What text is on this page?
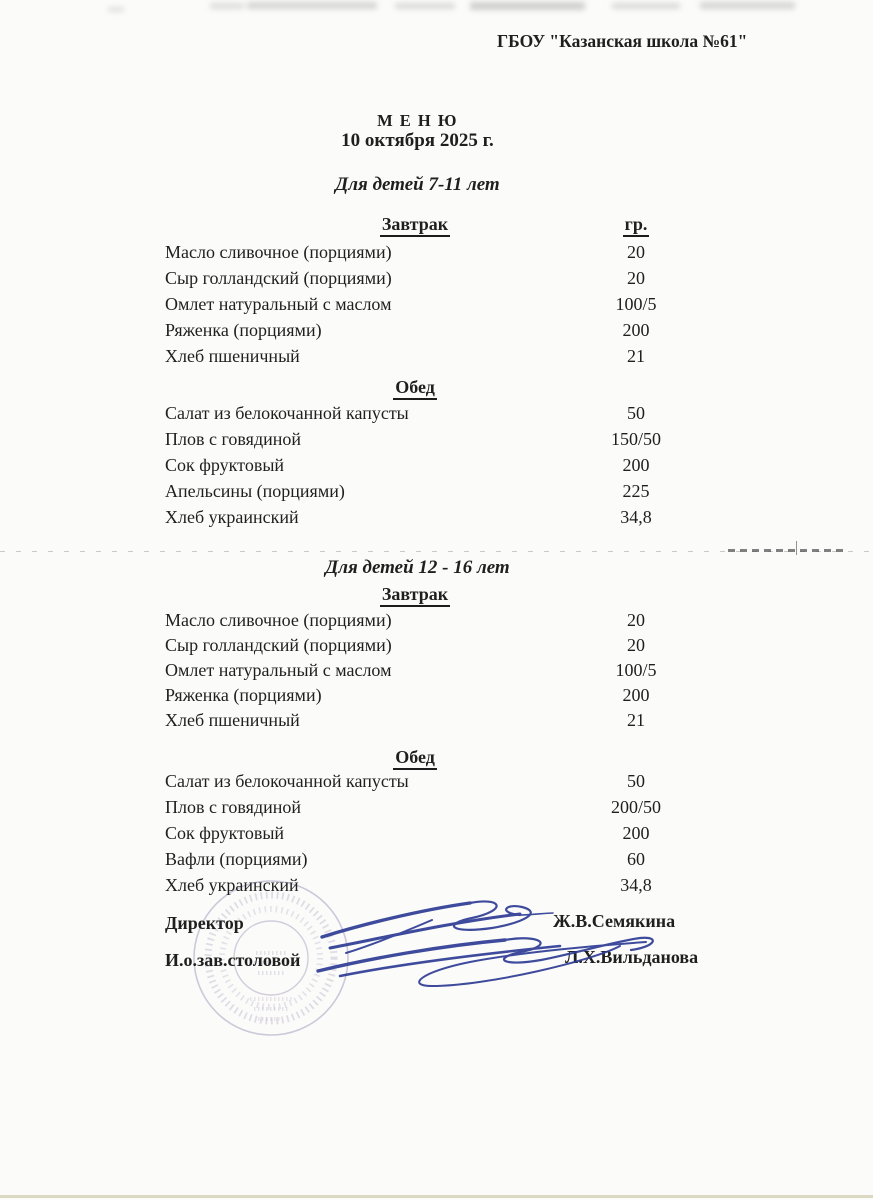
ГБОУ "Казанская школа №61"
М Е Н Ю
10 октября 2025 г.
Для детей 7-11 лет
Завтрак	гр.
Масло сливочное (порциями)	20
Сыр голландский (порциями)	20
Омлет натуральный с маслом	100/5
Ряженка (порциями)	200
Хлеб пшеничный	21
Обед
Салат из белокочанной капусты	50
Плов с говядиной	150/50
Сок фруктовый	200
Апельсины (порциями)	225
Хлеб украинский	34,8
Для детей 12 - 16 лет
Завтрак
Масло сливочное (порциями)	20
Сыр голландский (порциями)	20
Омлет натуральный с маслом	100/5
Ряженка (порциями)	200
Хлеб пшеничный	21
Обед
Салат из белокочанной капусты	50
Плов с говядиной	200/50
Сок фруктовый	200
Вафли (порциями)	60
Хлеб украинский	34,8
Директор	Ж.В.Семякина
И.о.зав.столовой	Л.Х.Вильданова
